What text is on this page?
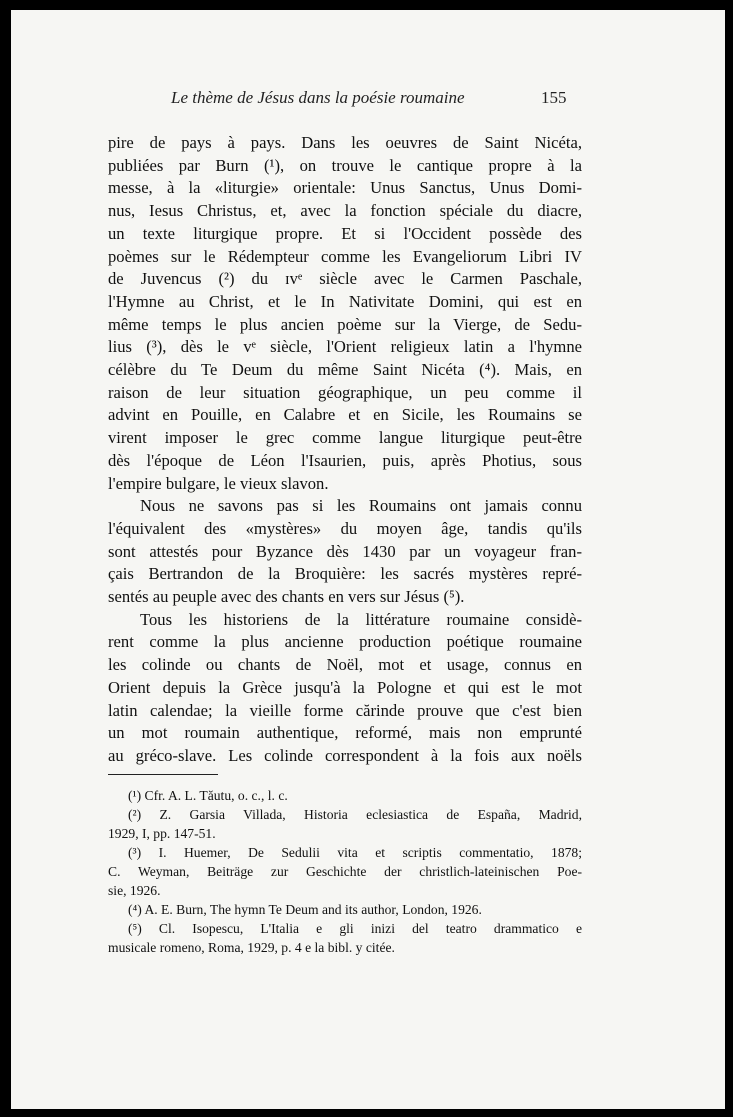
Le thème de Jésus dans la poésie roumaine	155
pire de pays à pays. Dans les oeuvres de Saint Nicéta,
publiées par Burn (¹), on trouve le cantique propre à la
messe, à la «liturgie» orientale: Unus Sanctus, Unus Domi-
nus, Iesus Christus, et, avec la fonction spéciale du diacre,
un texte liturgique propre. Et si l'Occident possède des
poèmes sur le Rédempteur comme les Evangeliorum Libri IV
de Juvencus (²) du ɪvᵉ siècle avec le Carmen Paschale,
l'Hymne au Christ, et le In Nativitate Domini, qui est en
même temps le plus ancien poème sur la Vierge, de Sedu-
lius (³), dès le vᵉ siècle, l'Orient religieux latin a l'hymne
célèbre du Te Deum du même Saint Nicéta (⁴). Mais, en
raison de leur situation géographique, un peu comme il
advint en Pouille, en Calabre et en Sicile, les Roumains se
virent imposer le grec comme langue liturgique peut-être
dès l'époque de Léon l'Isaurien, puis, après Photius, sous
l'empire bulgare, le vieux slavon.
Nous ne savons pas si les Roumains ont jamais connu
l'équivalent des «mystères» du moyen âge, tandis qu'ils
sont attestés pour Byzance dès 1430 par un voyageur fran-
çais Bertrandon de la Broquière: les sacrés mystères repré-
sentés au peuple avec des chants en vers sur Jésus (⁵).
Tous les historiens de la littérature roumaine considè-
rent comme la plus ancienne production poétique roumaine
les colinde ou chants de Noël, mot et usage, connus en
Orient depuis la Grèce jusqu'à la Pologne et qui est le mot
latin calendae; la vieille forme cărinde prouve que c'est bien
un mot roumain authentique, reformé, mais non emprunté
au gréco-slave. Les colinde correspondent à la fois aux noëls
(¹) Cfr. A. L. Tăutu, o. c., l. c.
(²) Z. Garsia Villada, Historia eclesiastica de España, Madrid,
1929, I, pp. 147-51.
(³) I. Huemer, De Sedulii vita et scriptis commentatio, 1878;
C. Weyman, Beiträge zur Geschichte der christlich-lateinischen Poe-
sie, 1926.
(⁴) A. E. Burn, The hymn Te Deum and its author, London, 1926.
(⁵) Cl. Isopescu, L'Italia e gli inizi del teatro drammatico e
musicale romeno, Roma, 1929, p. 4 e la bibl. y citée.
